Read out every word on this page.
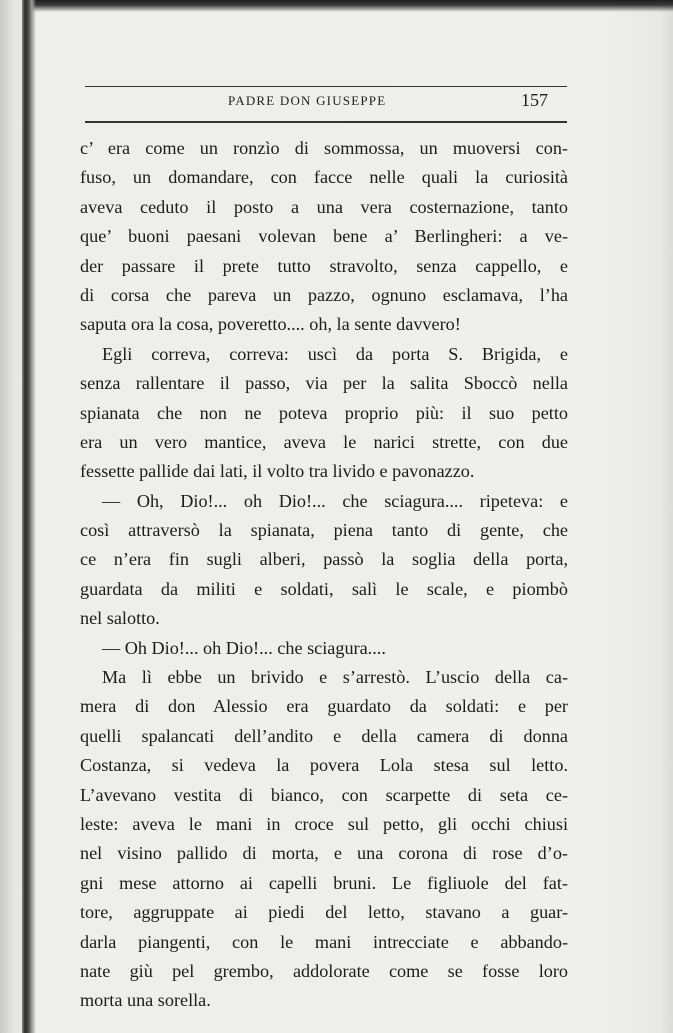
PADRE DON GIUSEPPE	157
c’ era come un ronzìo di sommossa, un muoversi con-
fuso, un domandare, con facce nelle quali la curiosità
aveva ceduto il posto a una vera costernazione, tanto
que’ buoni paesani volevan bene a’ Berlingheri: a ve-
der passare il prete tutto stravolto, senza cappello, e
di corsa che pareva un pazzo, ognuno esclamava, l’ha
saputa ora la cosa, poveretto.... oh, la sente davvero!
Egli correva, correva: uscì da porta S. Brigida, e
senza rallentare il passo, via per la salita Sboccò nella
spianata che non ne poteva proprio più: il suo petto
era un vero mantice, aveva le narici strette, con due
fessette pallide dai lati, il volto tra livido e pavonazzo.
— Oh, Dio!... oh Dio!... che sciagura.... ripeteva: e
così attraversò la spianata, piena tanto di gente, che
ce n’era fin sugli alberi, passò la soglia della porta,
guardata da militi e soldati, salì le scale, e piombò
nel salotto.
— Oh Dio!... oh Dio!... che sciagura....
Ma lì ebbe un brivido e s’arrestò. L’uscio della ca-
mera di don Alessio era guardato da soldati: e per
quelli spalancati dell’andito e della camera di donna
Costanza, si vedeva la povera Lola stesa sul letto.
L’avevano vestita di bianco, con scarpette di seta ce-
leste: aveva le mani in croce sul petto, gli occhi chiusi
nel visino pallido di morta, e una corona di rose d’o-
gni mese attorno ai capelli bruni. Le figliuole del fat-
tore, aggruppate ai piedi del letto, stavano a guar-
darla piangenti, con le mani intrecciate e abbando-
nate giù pel grembo, addolorate come se fosse loro
morta una sorella.
